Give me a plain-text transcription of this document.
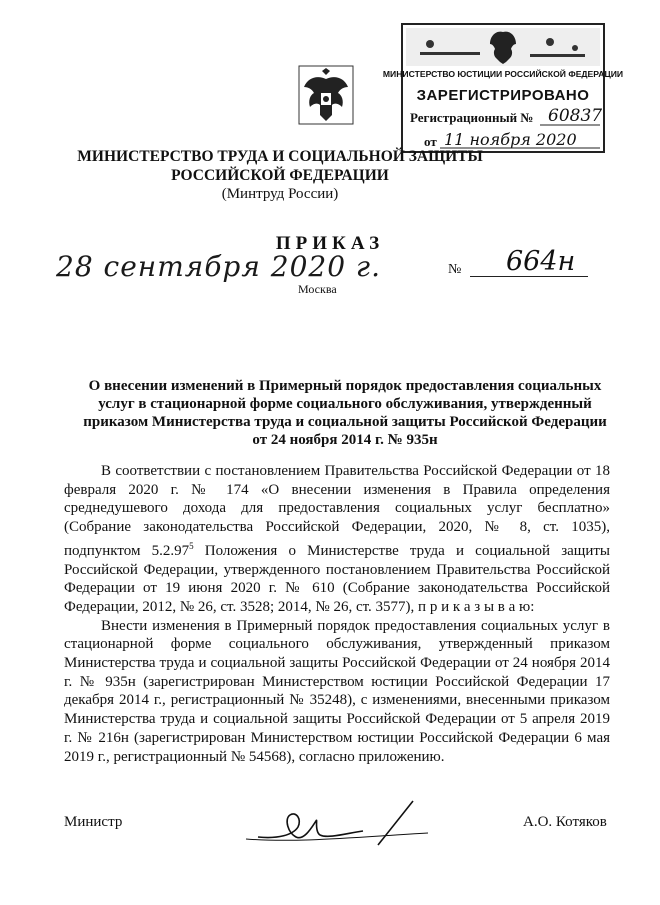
МИНИСТЕРСТВО ЮСТИЦИИ РОССИЙСКОЙ ФЕДЕРАЦИИ
ЗАРЕГИСТРИРОВАНО
Регистрационный № 60837
от 11 ноября 2020
МИНИСТЕРСТВО ТРУДА И СОЦИАЛЬНОЙ ЗАЩИТЫ
РОССИЙСКОЙ ФЕДЕРАЦИИ
(Минтруд России)
ПРИКАЗ
28 сентября 2020 г.	№ 664н
Москва
О внесении изменений в Примерный порядок предоставления социальных
услуг в стационарной форме социального обслуживания, утвержденный
приказом Министерства труда и социальной защиты Российской Федерации
от 24 ноября 2014 г. № 935н

В соответствии с постановлением Правительства Российской Федерации от 18 февраля 2020 г. № 174 «О внесении изменения в Правила определения среднедушевого дохода для предоставления социальных услуг бесплатно» (Собрание законодательства Российской Федерации, 2020, № 8, ст. 1035), подпунктом 5.2.97$^5$ Положения о Министерстве труда и социальной защиты Российской Федерации, утвержденного постановлением Правительства Российской Федерации от 19 июня 2020 г. № 610 (Собрание законодательства Российской Федерации, 2012, № 26, ст. 3528; 2014, № 26, ст. 3577), п р и к а з ы в а ю:

Внести изменения в Примерный порядок предоставления социальных услуг в стационарной форме социального обслуживания, утвержденный приказом Министерства труда и социальной защиты Российской Федерации от 24 ноября 2014 г. № 935н (зарегистрирован Министерством юстиции Российской Федерации 17 декабря 2014 г., регистрационный № 35248), с изменениями, внесенными приказом Министерства труда и социальной защиты Российской Федерации от 5 апреля 2019 г. № 216н (зарегистрирован Министерством юстиции Российской Федерации 6 мая 2019 г., регистрационный № 54568), согласно приложению.

Министр	А.О. Котяков
